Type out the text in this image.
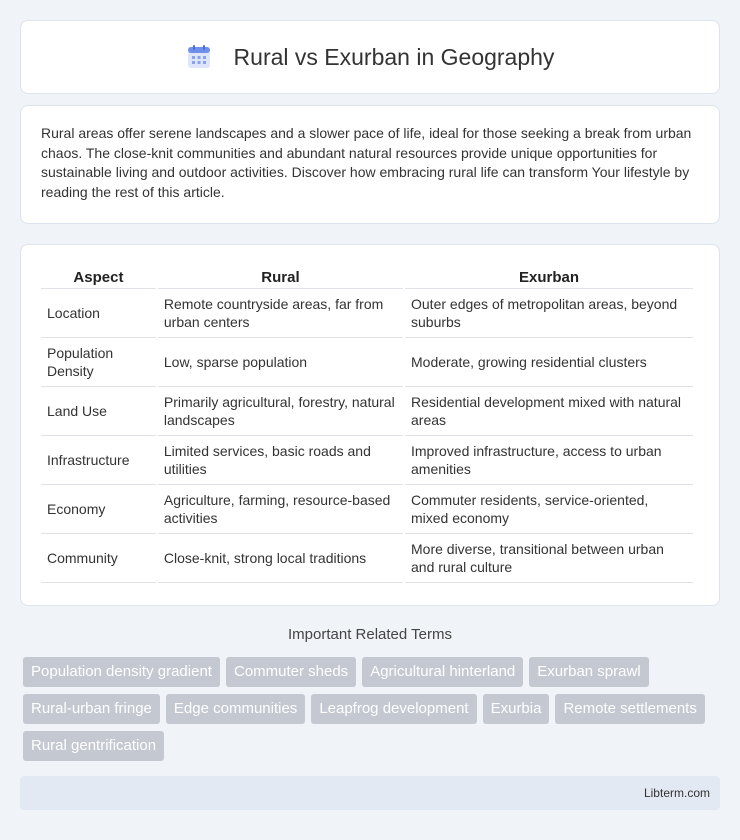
Rural vs Exurban in Geography

Rural areas offer serene landscapes and a slower pace of life, ideal for those seeking a break from urban chaos. The close-knit communities and abundant natural resources provide unique opportunities for sustainable living and outdoor activities. Discover how embracing rural life can transform Your lifestyle by reading the rest of this article.

Aspect	Rural	Exurban
Location	Remote countryside areas, far from urban centers	Outer edges of metropolitan areas, beyond suburbs
Population Density	Low, sparse population	Moderate, growing residential clusters
Land Use	Primarily agricultural, forestry, natural landscapes	Residential development mixed with natural areas
Infrastructure	Limited services, basic roads and utilities	Improved infrastructure, access to urban amenities
Economy	Agriculture, farming, resource-based activities	Commuter residents, service-oriented, mixed economy
Community	Close-knit, strong local traditions	More diverse, transitional between urban and rural culture
Important Related Terms
Population density gradient	Commuter sheds	Agricultural hinterland	Exurban sprawl
Rural-urban fringe	Edge communities	Leapfrog development	Exurbia	Remote settlements
Rural gentrification
Libterm.com
